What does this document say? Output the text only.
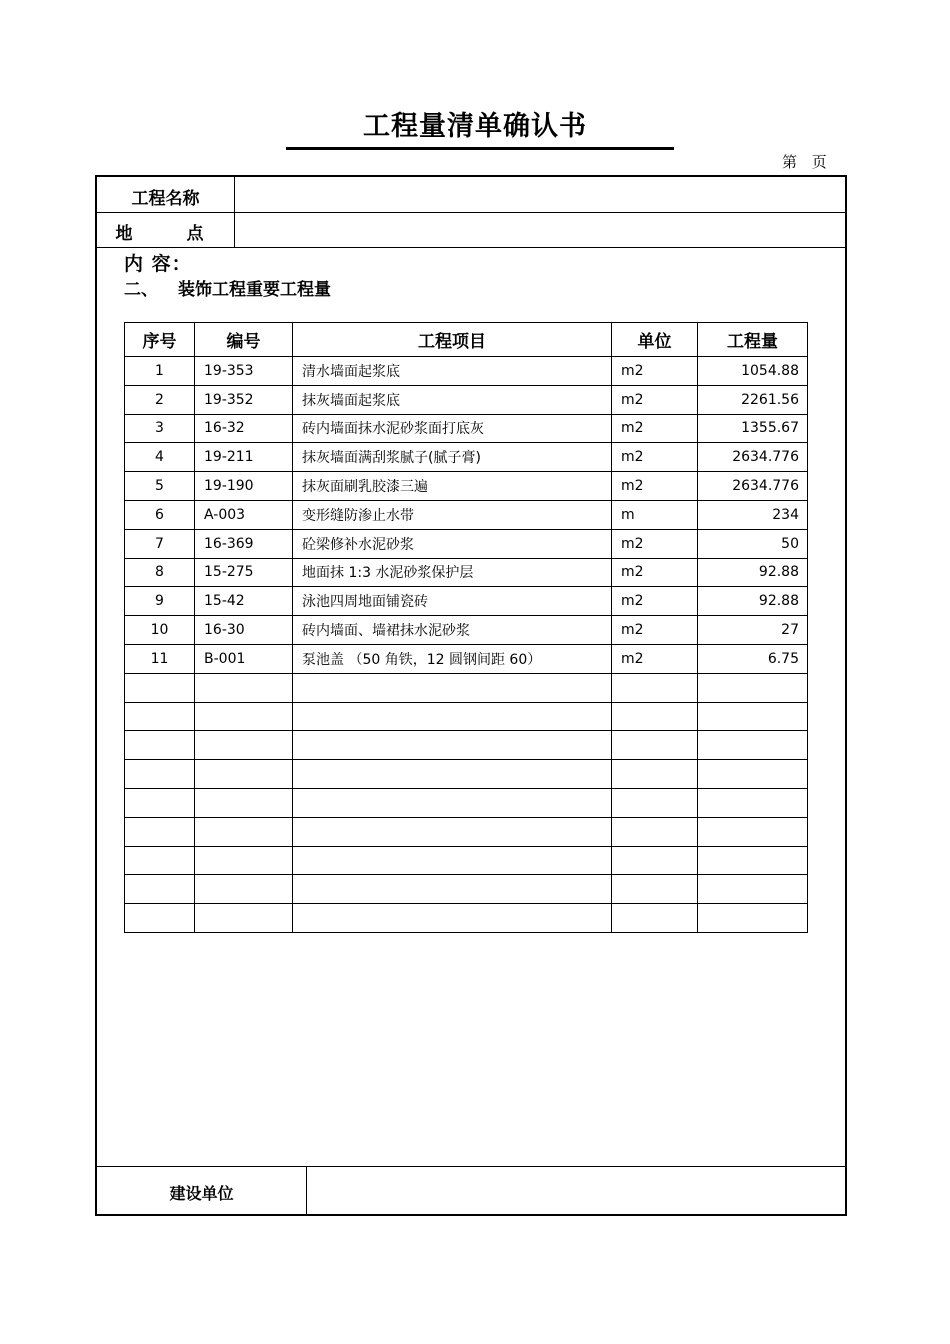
工程量清单确认书
第 页
工程名称
地 点
内 容：
二、 装饰工程重要工程量
建设单位
序号	编号	工程项目	单位	工程量
1	19-353	清水墙面起浆底	m2	1054.88
2	19-352	抹灰墙面起浆底	m2	2261.56
3	16-32	砖内墙面抹水泥砂浆面打底灰	m2	1355.67
4	19-211	抹灰墙面满刮浆腻子(腻子膏)	m2	2634.776
5	19-190	抹灰面刷乳胶漆三遍	m2	2634.776
6	A-003	变形缝防渗止水带	m	234
7	16-369	砼梁修补水泥砂浆	m2	50
8	15-275	地面抹 1:3 水泥砂浆保护层	m2	92.88
9	15-42	泳池四周地面铺瓷砖	m2	92.88
10	16-30	砖内墙面、墙裙抹水泥砂浆	m2	27
11	B-001	泵池盖 （50 角铁，12 圆钢间距 60）	m2	6.75
